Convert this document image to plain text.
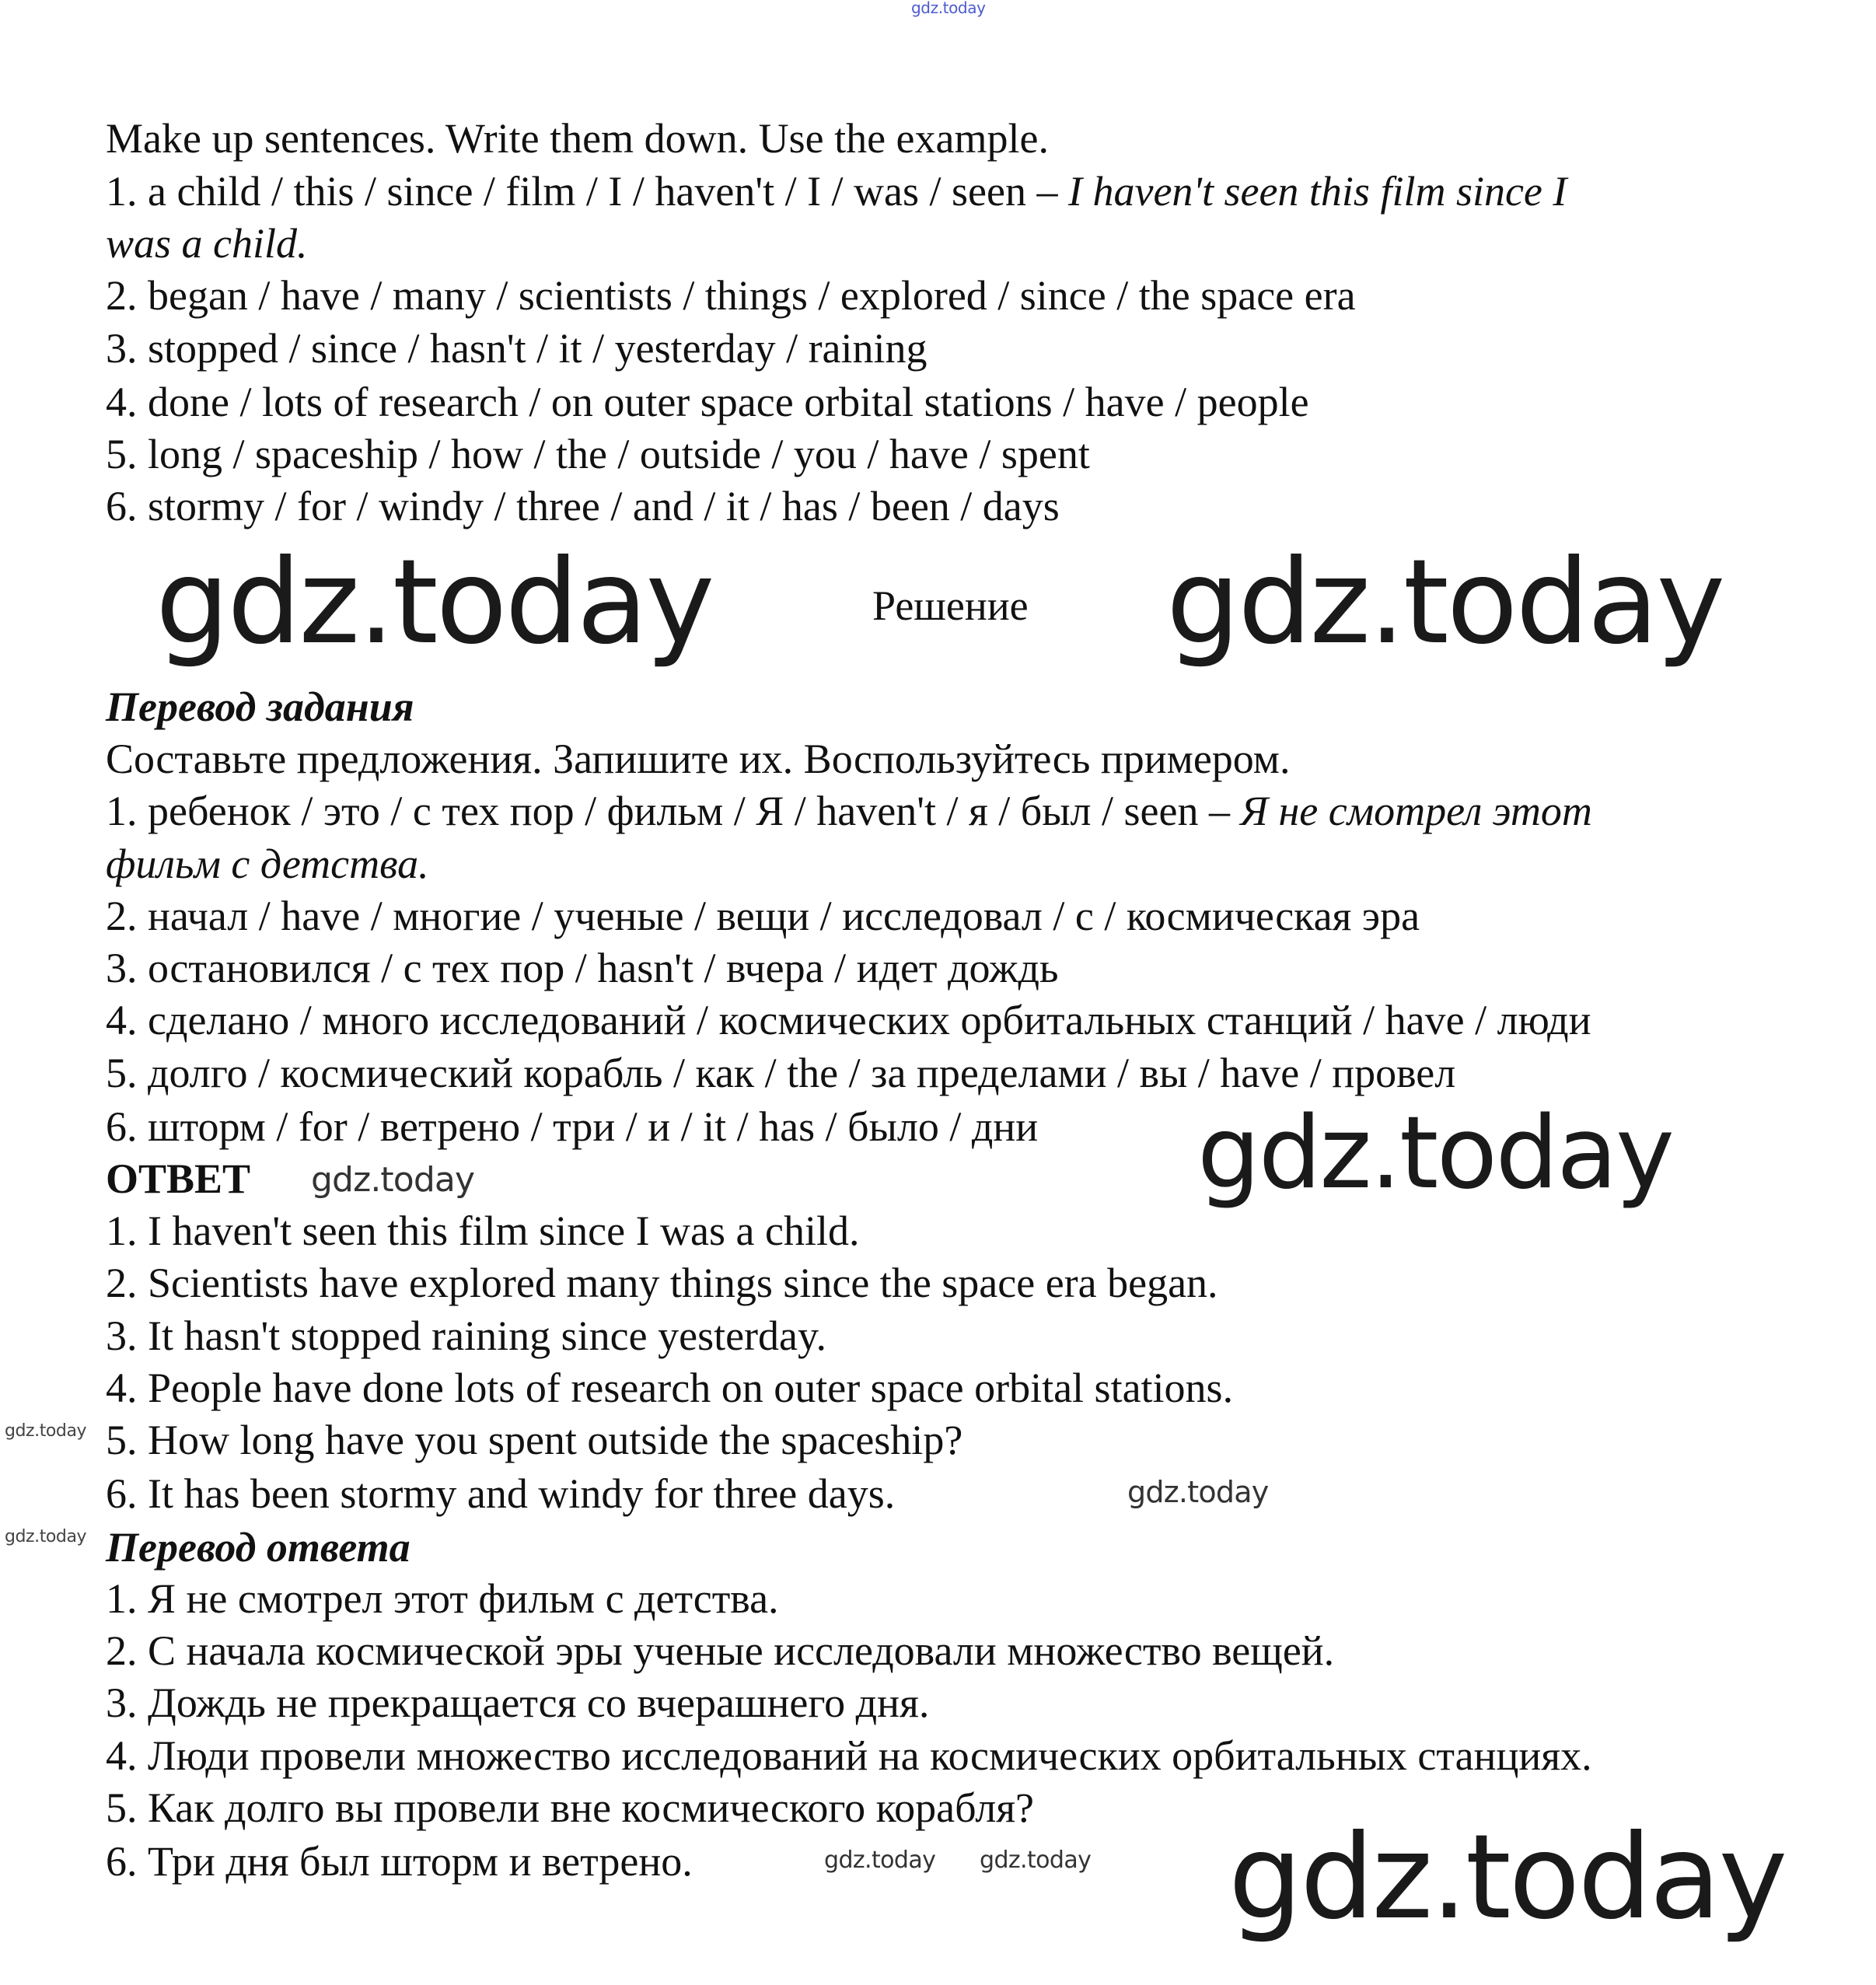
Make up sentences. Write them down. Use the example.
1. a child / this / since / film / I / haven't / I / was / seen – I haven't seen this film since I
was a child.
2. began / have / many / scientists / things / explored / since / the space era
3. stopped / since / hasn't / it / yesterday / raining
4. done / lots of research / on outer space orbital stations / have / people
5. long / spaceship / how / the / outside / you / have / spent
6. stormy / for / windy / three / and / it / has / been / days
Решение
Перевод задания
Составьте предложения. Запишите их. Воспользуйтесь примером.
1. ребенок / это / с тех пор / фильм / Я / haven't / я / был / seen – Я не смотрел этот
фильм с детства.
2. начал / have / многие / ученые / вещи / исследовал / с / космическая эра
3. остановился / с тех пор / hasn't / вчера / идет дождь
4. сделано / много исследований / космических орбитальных станций / have / люди
5. долго / космический корабль / как / the / за пределами / вы / have / провел
6. шторм / for / ветрено / три / и / it / has / было / дни
ОТВЕТ
1. I haven't seen this film since I was a child.
2. Scientists have explored many things since the space era began.
3. It hasn't stopped raining since yesterday.
4. People have done lots of research on outer space orbital stations.
5. How long have you spent outside the spaceship?
6. It has been stormy and windy for three days.
Перевод ответа
1. Я не смотрел этот фильм с детства.
2. С начала космической эры ученые исследовали множество вещей.
3. Дождь не прекращается со вчерашнего дня.
4. Люди провели множество исследований на космических орбитальных станциях.
5. Как долго вы провели вне космического корабля?
6. Три дня был шторм и ветрено.
gdz.today
gdz.today	gdz.today
gdz.today	gdz.today
gdz.today
gdz.today
gdz.today
gdz.today gdz.today gdz.today
